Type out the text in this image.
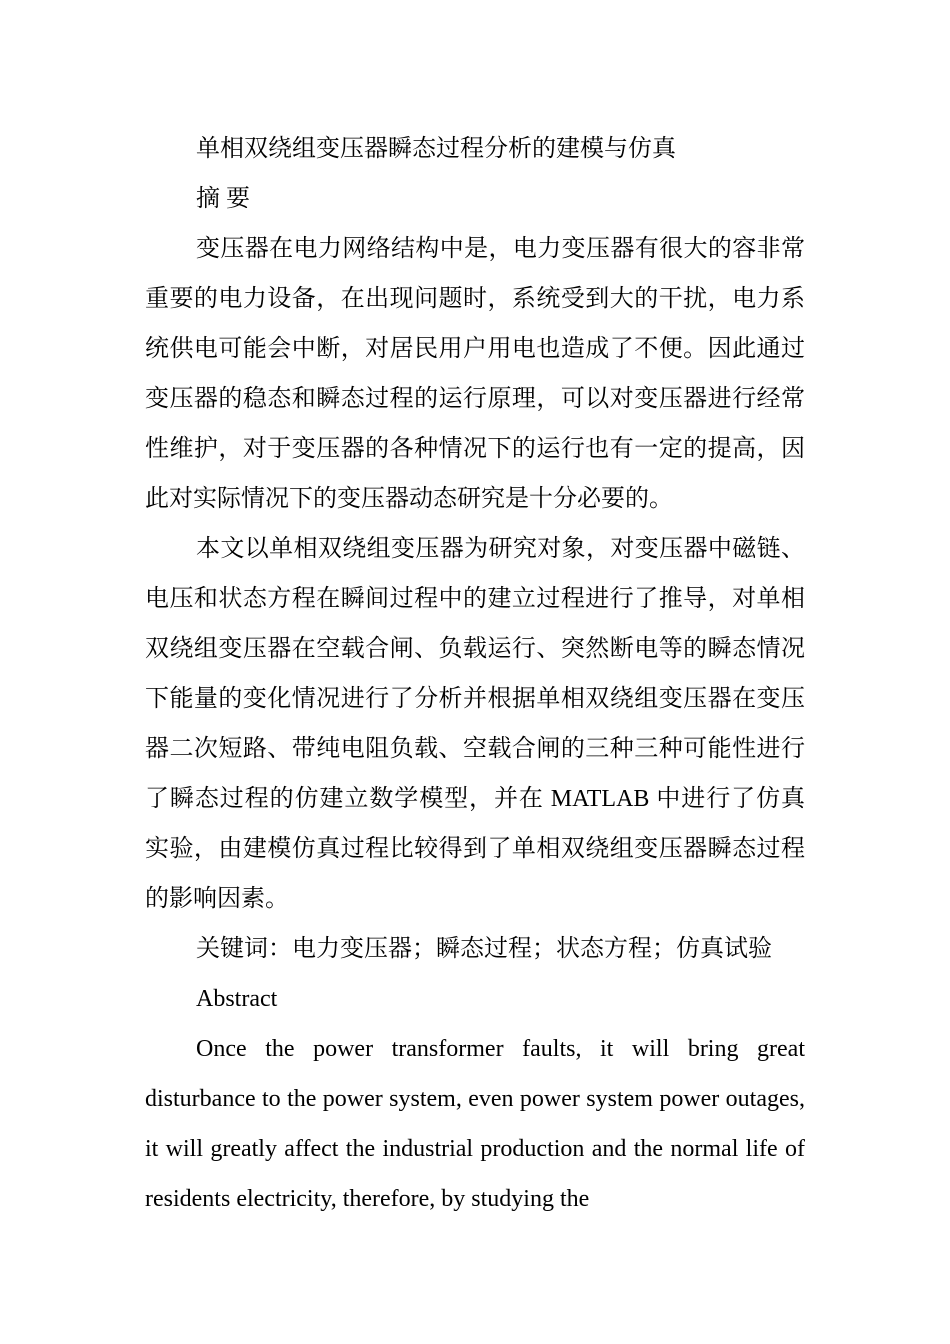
单相双绕组变压器瞬态过程分析的建模与仿真

摘 要

变压器在电力网络结构中是，电力变压器有很大的容非常重要的电力设备，在出现问题时，系统受到大的干扰，电力系统供电可能会中断，对居民用户用电也造成了不便。因此通过变压器的稳态和瞬态过程的运行原理，可以对变压器进行经常性维护，对于变压器的各种情况下的运行也有一定的提高，因此对实际情况下的变压器动态研究是十分必要的。

本文以单相双绕组变压器为研究对象，对变压器中磁链、电压和状态方程在瞬间过程中的建立过程进行了推导，对单相双绕组变压器在空载合闸、负载运行、突然断电等的瞬态情况下能量的变化情况进行了分析并根据单相双绕组变压器在变压器二次短路、带纯电阻负载、空载合闸的三种三种可能性进行了瞬态过程的仿建立数学模型，并在 MATLAB 中进行了仿真实验，由建模仿真过程比较得到了单相双绕组变压器瞬态过程的影响因素。

关键词：电力变压器；瞬态过程；状态方程；仿真试验

Abstract

Once the power transformer faults, it will bring great disturbance to the power system, even power system power outages, it will greatly affect the industrial production and the normal life of residents electricity, therefore, by studying the
